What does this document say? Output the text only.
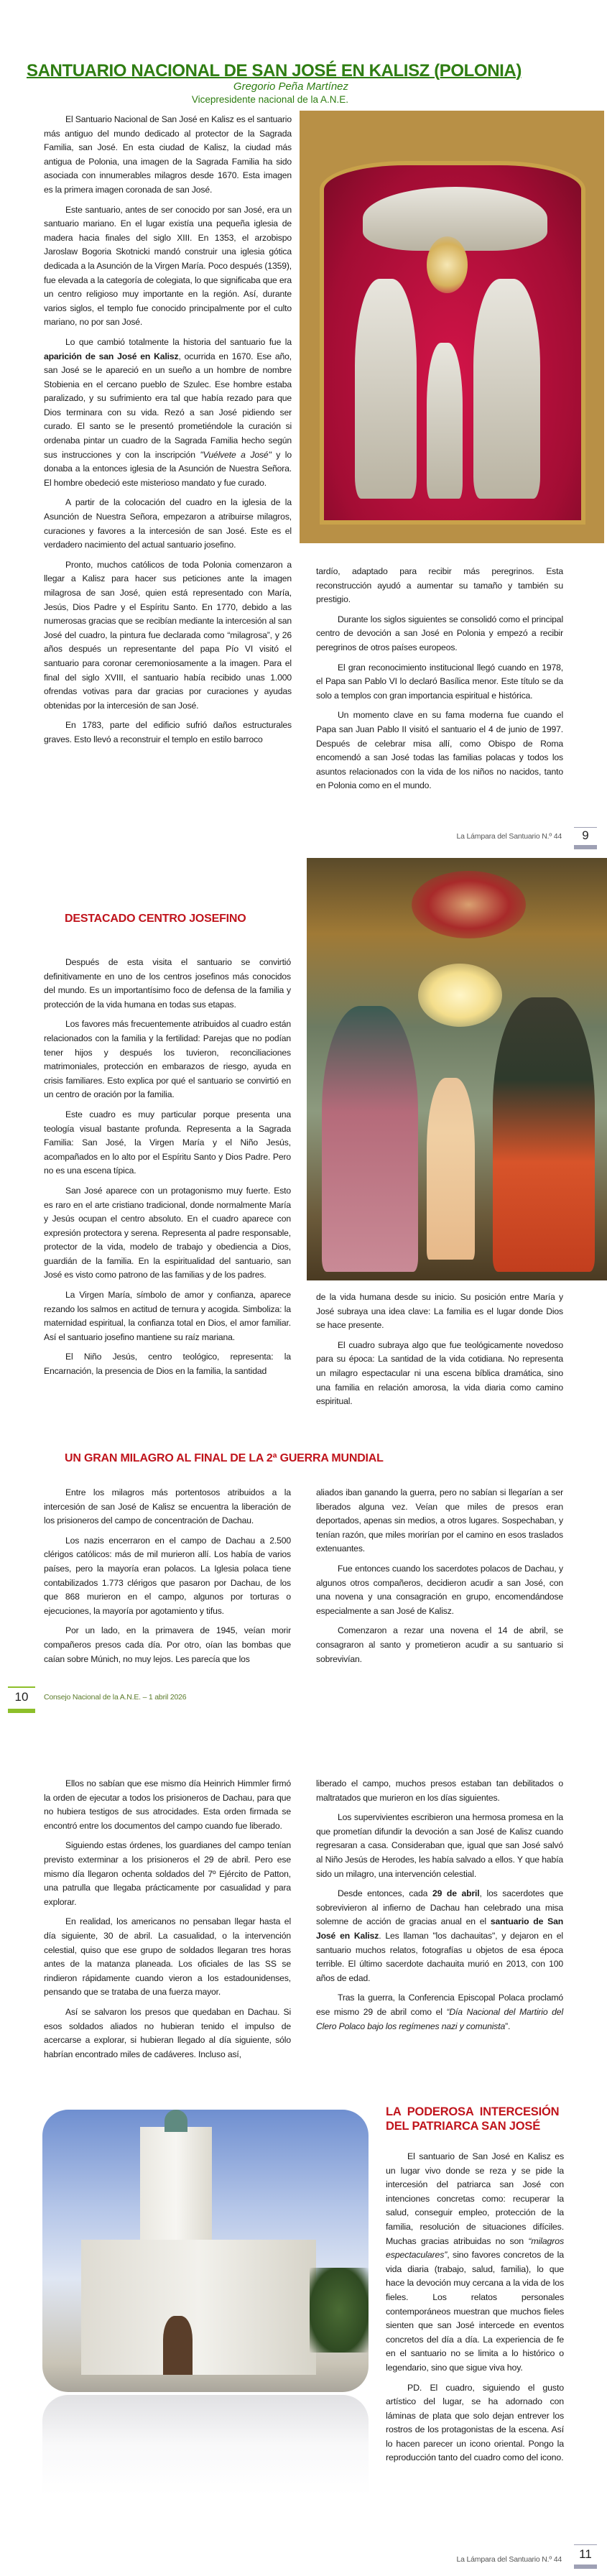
SANTUARIO NACIONAL DE SAN JOSÉ EN KALISZ (POLONIA)
Gregorio Peña Martínez
Vicepresidente nacional de la A.N.E.

El Santuario Nacional de San José en Kalisz es el santuario más antiguo del mundo dedicado al protector de la Sagrada Familia, san José. En esta ciudad de Kalisz, la ciudad más antigua de Polonia, una imagen de la Sagrada Familia ha sido asociada con innumerables milagros desde 1670. Esta imagen es la primera imagen coronada de san José.

Este santuario, antes de ser conocido por san José, era un santuario mariano. En el lugar existía una pequeña iglesia de madera hacia finales del siglo XIII. En 1353, el arzobispo Jaroslaw Bogoria Skotnicki mandó construir una iglesia gótica dedicada a la Asunción de la Virgen María. Poco después (1359), fue elevada a la categoría de colegiata, lo que significaba que era un centro religioso muy importante en la región. Así, durante varios siglos, el templo fue conocido principalmente por el culto mariano, no por san José.

Lo que cambió totalmente la historia del santuario fue la aparición de san José en Kalisz, ocurrida en 1670. Ese año, san José se le apareció en un sueño a un hombre de nombre Stobienia en el cercano pueblo de Szulec. Ese hombre estaba paralizado, y su sufrimiento era tal que había rezado para que Dios terminara con su vida. Rezó a san José pidiendo ser curado. El santo se le presentó prometiéndole la curación si ordenaba pintar un cuadro de la Sagrada Familia hecho según sus instrucciones y con la inscripción "Vuélvete a José" y lo donaba a la entonces iglesia de la Asunción de Nuestra Señora. El hombre obedeció este misterioso mandato y fue curado.

A partir de la colocación del cuadro en la iglesia de la Asunción de Nuestra Señora, empezaron a atribuirse milagros, curaciones y favores a la intercesión de san José. Este es el verdadero nacimiento del actual santuario josefino.

Pronto, muchos católicos de toda Polonia comenzaron a llegar a Kalisz para hacer sus peticiones ante la imagen milagrosa de san José, quien está representado con María, Jesús, Dios Padre y el Espíritu Santo. En 1770, debido a las numerosas gracias que se recibían mediante la intercesión al san José del cuadro, la pintura fue declarada como “milagrosa”, y 26 años después un representante del papa Pío VI visitó el santuario para coronar ceremoniosamente a la imagen. Para el final del siglo XVIII, el santuario había recibido unas 1.000 ofrendas votivas para dar gracias por curaciones y ayudas obtenidas por la intercesión de san José.

En 1783, parte del edificio sufrió daños estructurales graves. Esto llevó a reconstruir el templo en estilo barroco

tardío, adaptado para recibir más peregrinos. Esta reconstrucción ayudó a aumentar su tamaño y también su prestigio.

Durante los siglos siguientes se consolidó como el principal centro de devoción a san José en Polonia y empezó a recibir peregrinos de otros países europeos.

El gran reconocimiento institucional llegó cuando en 1978, el Papa san Pablo VI lo declaró Basílica menor. Este título se da solo a templos con gran importancia espiritual e histórica.

Un momento clave en su fama moderna fue cuando el Papa san Juan Pablo II visitó el santuario el 4 de junio de 1997. Después de celebrar misa allí, como Obispo de Roma encomendó a san José todas las familias polacas y todos los asuntos relacionados con la vida de los niños no nacidos, tanto en Polonia como en el mundo.

La Lámpara del Santuario N.º 44	9
DESTACADO CENTRO JOSEFINO

Después de esta visita el santuario se convirtió definitivamente en uno de los centros josefinos más conocidos del mundo. Es un importantísimo foco de defensa de la familia y protección de la vida humana en todas sus etapas.

Los favores más frecuentemente atribuidos al cuadro están relacionados con la familia y la fertilidad: Parejas que no podían tener hijos y después los tuvieron, reconciliaciones matrimoniales, protección en embarazos de riesgo, ayuda en crisis familiares. Esto explica por qué el santuario se convirtió en un centro de oración por la familia.

Este cuadro es muy particular porque presenta una teología visual bastante profunda. Representa a la Sagrada Familia: San José, la Virgen María y el Niño Jesús, acompañados en lo alto por el Espíritu Santo y Dios Padre. Pero no es una escena típica.

San José aparece con un protagonismo muy fuerte. Esto es raro en el arte cristiano tradicional, donde normalmente María y Jesús ocupan el centro absoluto. En el cuadro aparece con expresión protectora y serena. Representa al padre responsable, protector de la vida, modelo de trabajo y obediencia a Dios, guardián de la familia. En la espiritualidad del santuario, san José es visto como patrono de las familias y de los padres.

La Virgen María, símbolo de amor y confianza, aparece rezando los salmos en actitud de ternura y acogida. Simboliza: la maternidad espiritual, la confianza total en Dios, el amor familiar. Así el santuario josefino mantiene su raíz mariana.

El Niño Jesús, centro teológico, representa: la Encarnación, la presencia de Dios en la familia, la santidad

de la vida humana desde su inicio. Su posición entre María y José subraya una idea clave: La familia es el lugar donde Dios se hace presente.

El cuadro subraya algo que fue teológicamente novedoso para su época: La santidad de la vida cotidiana. No representa un milagro espectacular ni una escena bíblica dramática, sino una familia en relación amorosa, la vida diaria como camino espiritual.

UN GRAN MILAGRO AL FINAL DE LA 2ª GUERRA MUNDIAL

Entre los milagros más portentosos atribuidos a la intercesión de san José de Kalisz se encuentra la liberación de los prisioneros del campo de concentración de Dachau.

Los nazis encerraron en el campo de Dachau a 2.500 clérigos católicos: más de mil murieron allí. Los había de varios países, pero la mayoría eran polacos. La Iglesia polaca tiene contabilizados 1.773 clérigos que pasaron por Dachau, de los que 868 murieron en el campo, algunos por torturas o ejecuciones, la mayoría por agotamiento y tifus.

Por un lado, en la primavera de 1945, veían morir compañeros presos cada día. Por otro, oían las bombas que caían sobre Múnich, no muy lejos. Les parecía que los

aliados iban ganando la guerra, pero no sabían si llegarían a ser liberados alguna vez. Veían que miles de presos eran deportados, apenas sin medios, a otros lugares. Sospechaban, y tenían razón, que miles morirían por el camino en esos traslados extenuantes.

Fue entonces cuando los sacerdotes polacos de Dachau, y algunos otros compañeros, decidieron acudir a san José, con una novena y una consagración en grupo, encomendándose especialmente a san José de Kalisz.

Comenzaron a rezar una novena el 14 de abril, se consagraron al santo y prometieron acudir a su santuario si sobrevivían.

10	Consejo Nacional de la A.N.E. – 1 abril 2026

Ellos no sabían que ese mismo día Heinrich Himmler firmó la orden de ejecutar a todos los prisioneros de Dachau, para que no hubiera testigos de sus atrocidades. Esta orden firmada se encontró entre los documentos del campo cuando fue liberado.

Siguiendo estas órdenes, los guardianes del campo tenían previsto exterminar a los prisioneros el 29 de abril. Pero ese mismo día llegaron ochenta soldados del 7º Ejército de Patton, una patrulla que llegaba prácticamente por casualidad y para explorar.

En realidad, los americanos no pensaban llegar hasta el día siguiente, 30 de abril. La casualidad, o la intervención celestial, quiso que ese grupo de soldados llegaran tres horas antes de la matanza planeada. Los oficiales de las SS se rindieron rápidamente cuando vieron a los estadounidenses, pensando que se trataba de una fuerza mayor.

Así se salvaron los presos que quedaban en Dachau. Si esos soldados aliados no hubieran tenido el impulso de acercarse a explorar, si hubieran llegado al día siguiente, sólo habrían encontrado miles de cadáveres. Incluso así,

liberado el campo, muchos presos estaban tan debilitados o maltratados que murieron en los días siguientes.

Los supervivientes escribieron una hermosa promesa en la que prometían difundir la devoción a san José de Kalisz cuando regresaran a casa. Consideraban que, igual que san José salvó al Niño Jesús de Herodes, les había salvado a ellos. Y que había sido un milagro, una intervención celestial.

Desde entonces, cada 29 de abril, los sacerdotes que sobrevivieron al infierno de Dachau han celebrado una misa solemne de acción de gracias anual en el santuario de San José en Kalisz. Les llaman "los dachauitas", y dejaron en el santuario muchos relatos, fotografías u objetos de esa época terrible. El último sacerdote dachauita murió en 2013, con 100 años de edad.

Tras la guerra, la Conferencia Episcopal Polaca proclamó ese mismo 29 de abril como el “Día Nacional del Martirio del Clero Polaco bajo los regímenes nazi y comunista”.

LA  PODEROSA  INTERCESIÓN
DEL PATRIARCA SAN JOSÉ

El santuario de San José en Kalisz es un lugar vivo donde se reza y se pide la intercesión del patriarca san José con intenciones concretas como: recuperar la salud, conseguir empleo, protección de la familia, resolución de situaciones difíciles. Muchas gracias atribuidas no son “milagros espectaculares”, sino favores concretos de la vida diaria (trabajo, salud, familia), lo que hace la devoción muy cercana a la vida de los fieles. Los relatos personales contemporáneos muestran que muchos fieles sienten que san José intercede en eventos concretos del día a día. La experiencia de fe en el santuario no se limita a lo histórico o legendario, sino que sigue viva hoy.

PD. El cuadro, siguiendo el gusto artístico del lugar, se ha adornado con láminas de plata que solo dejan entrever los rostros de los protagonistas de la escena. Así lo hacen parecer un icono oriental. Pongo la reproducción tanto del cuadro como del icono.

La Lámpara del Santuario N.º 44	11
